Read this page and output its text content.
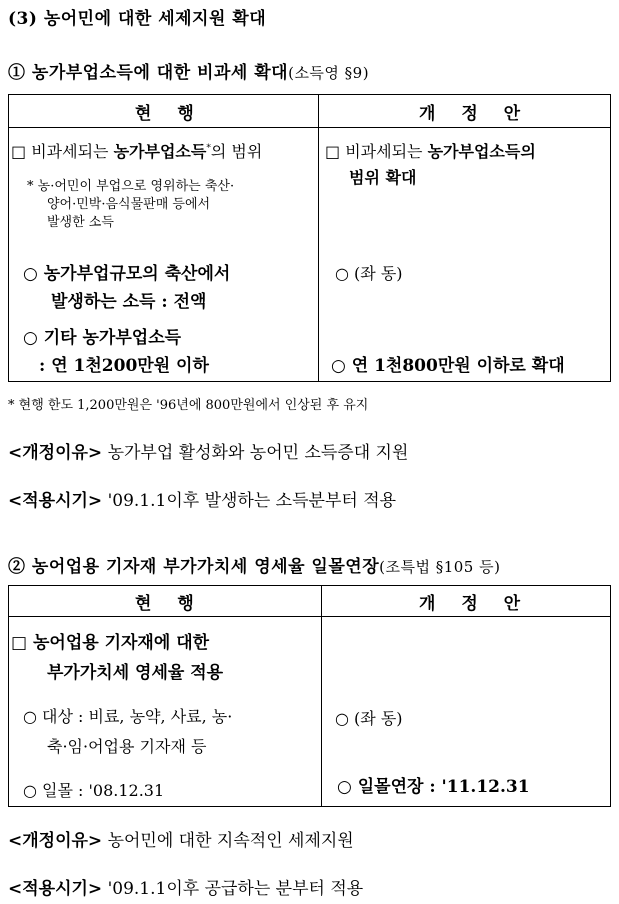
(3) 농어민에 대한 세제지원 확대
① 농가부업소득에 대한 비과세 확대(소득영 §9)
현 행	개 정 안
□ 비과세되는 농가부업소득*의 범위
* 농·어민이 부업으로 영위하는 축산·
양어·민박·음식물판매 등에서
발생한 소득
○ 농가부업규모의 축산에서
발생하는 소득 : 전액
○ 기타 농가부업소득
: 연 1천200만원 이하
□ 비과세되는 농가부업소득의
범위 확대
○ (좌 동)
○ 연 1천800만원 이하로 확대
* 현행 한도 1,200만원은 '96년에 800만원에서 인상된 후 유지
<개정이유> 농가부업 활성화와 농어민 소득증대 지원
<적용시기> '09.1.1이후 발생하는 소득분부터 적용
② 농어업용 기자재 부가가치세 영세율 일몰연장(조특법 §105 등)
현 행	개 정 안
□ 농어업용 기자재에 대한
부가가치세 영세율 적용
○ 대상 : 비료, 농약, 사료, 농·
축·임·어업용 기자재 등
○ 일몰 : '08.12.31
○ (좌 동)
○ 일몰연장 : '11.12.31
<개정이유> 농어민에 대한 지속적인 세제지원
<적용시기> '09.1.1이후 공급하는 분부터 적용
